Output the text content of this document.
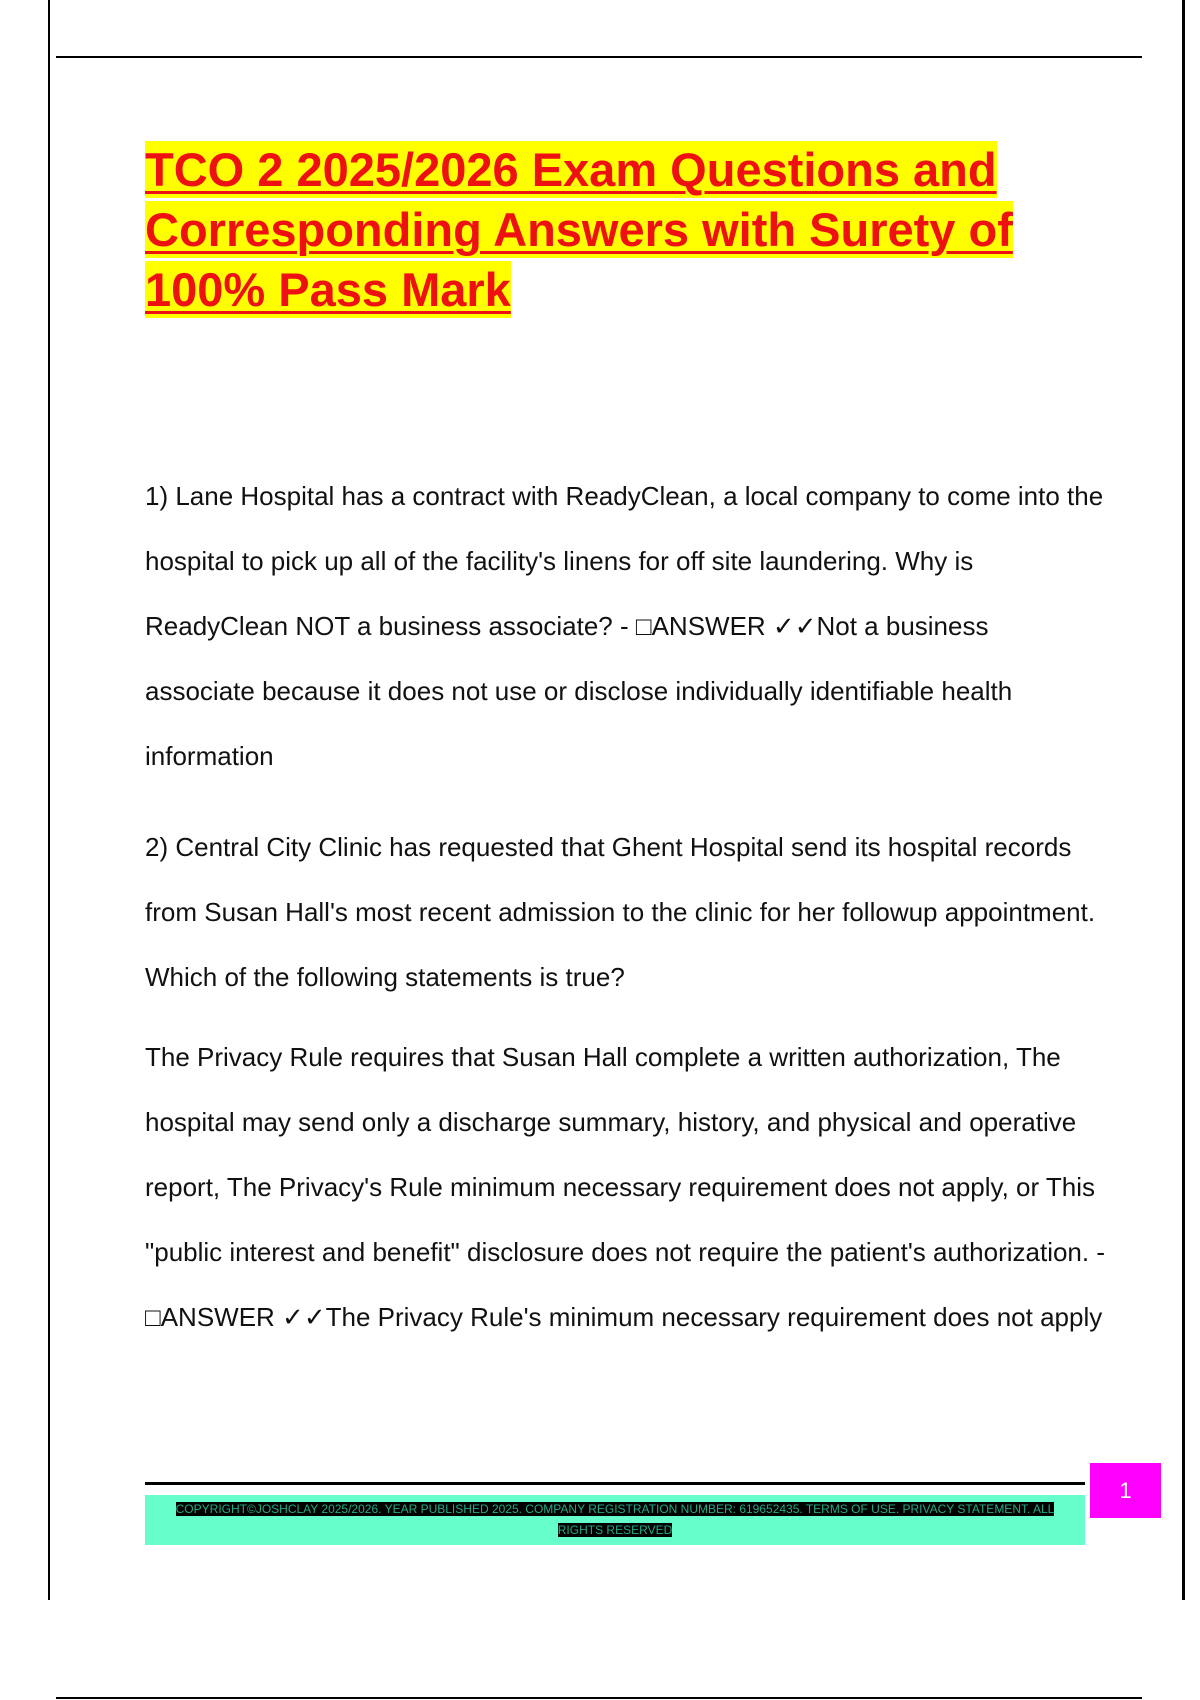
TCO 2 2025/2026 Exam Questions and Corresponding Answers with Surety of 100% Pass Mark
1) Lane Hospital has a contract with ReadyClean, a local company to come into the hospital to pick up all of the facility's linens for off site laundering. Why is ReadyClean NOT a business associate? - □ANSWER ✓✓Not a business associate because it does not use or disclose individually identifiable health information
2) Central City Clinic has requested that Ghent Hospital send its hospital records from Susan Hall's most recent admission to the clinic for her followup appointment. Which of the following statements is true?
The Privacy Rule requires that Susan Hall complete a written authorization, The hospital may send only a discharge summary, history, and physical and operative report, The Privacy's Rule minimum necessary requirement does not apply, or This "public interest and benefit" disclosure does not require the patient's authorization. - □ANSWER ✓✓The Privacy Rule's minimum necessary requirement does not apply
COPYRIGHT©JOSHCLAY 2025/2026. YEAR PUBLISHED 2025. COMPANY REGISTRATION NUMBER: 619652435. TERMS OF USE. PRIVACY STATEMENT. ALL RIGHTS RESERVED
1
